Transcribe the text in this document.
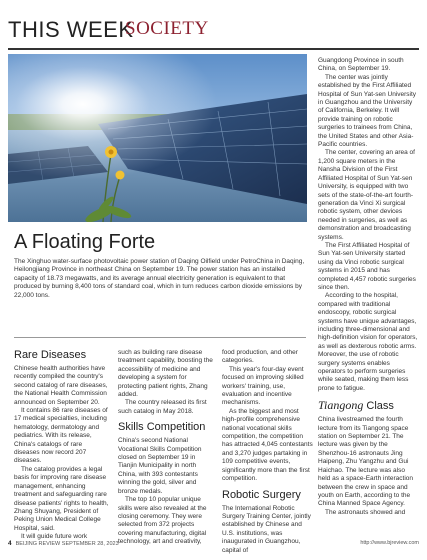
THIS WEEK
SOCIETY
A Floating Forte
The Xinghuo water-surface photovoltaic power station of Daqing Oilfield under PetroChina in Daqing, Heilongjiang Province in northeast China on September 19. The power station has an installed capacity of 18.73 megawatts, and its average annual electricity generation is equivalent to that produced by burning 8,400 tons of standard coal, which in turn reduces carbon dioxide emissions by 22,000 tons.
Rare Diseases

Chinese health authorities have recently compiled the country's second catalog of rare diseases, the National Health Commission announced on September 20.

It contains 86 rare diseases of 17 medical specialties, including hematology, dermatology and pediatrics. With its release, China's catalogs of rare diseases now record 207 diseases.

The catalog provides a legal basis for improving rare disease management, enhancing treatment and safeguarding rare disease patients' rights to health, Zhang Shuyang, President of Peking Union Medical College Hospital, said.

It will guide future work

such as building rare disease treatment capability, boosting the accessibility of medicine and developing a system for protecting patient rights, Zhang added.

The country released its first such catalog in May 2018.

Skills Competition

China's second National Vocational Skills Competition closed on September 19 in Tianjin Municipality in north China, with 393 contestants winning the gold, silver and bronze medals.

The top 10 popular unique skills were also revealed at the closing ceremony. They were selected from 372 projects covering manufacturing, digital technology, art and creativity,

food production, and other categories.

This year's four-day event focused on improving skilled workers' training, use, evaluation and incentive mechanisms.

As the biggest and most high-profile comprehensive national vocational skills competition, the competition has attracted 4,045 contestants and 3,270 judges partaking in 109 competitive events, significantly more than the first competition.

Robotic Surgery

The International Robotic Surgery Training Center, jointly established by Chinese and U.S. institutions, was inaugurated in Guangzhou, capital of

Guangdong Province in south China, on September 19.

The center was jointly established by the First Affiliated Hospital of Sun Yat-sen University in Guangzhou and the University of California, Berkeley. It will provide training on robotic surgeries to trainees from China, the United States and other Asia-Pacific countries.

The center, covering an area of 1,200 square meters in the Nansha Division of the First Affiliated Hospital of Sun Yat-sen University, is equipped with two sets of the state-of-the-art fourth-generation da Vinci Xi surgical robotic system, other devices needed in surgeries, as well as demonstration and broadcasting systems.

The First Affiliated Hospital of Sun Yat-sen University started using da Vinci robotic surgical systems in 2015 and has completed 4,457 robotic surgeries since then.

According to the hospital, compared with traditional endoscopy, robotic surgical systems have unique advantages, including three-dimensional and high-definition vision for operators, as well as dexterous robotic arms. Moreover, the use of robotic surgery systems enables operators to perform surgeries while seated, making them less prone to fatigue.

Tiangong Class

China livestreamed the fourth lecture from its Tiangong space station on September 21. The lecture was given by the Shenzhou-16 astronauts Jing Haipeng, Zhu Yangzhu and Gui Haichao. The lecture was also held as a space-Earth interaction between the crew in space and youth on Earth, according to the China Manned Space Agency.

The astronauts showed and

4 BEIJING REVIEW SEPTEMBER 28, 2023	http://www.bjreview.com
